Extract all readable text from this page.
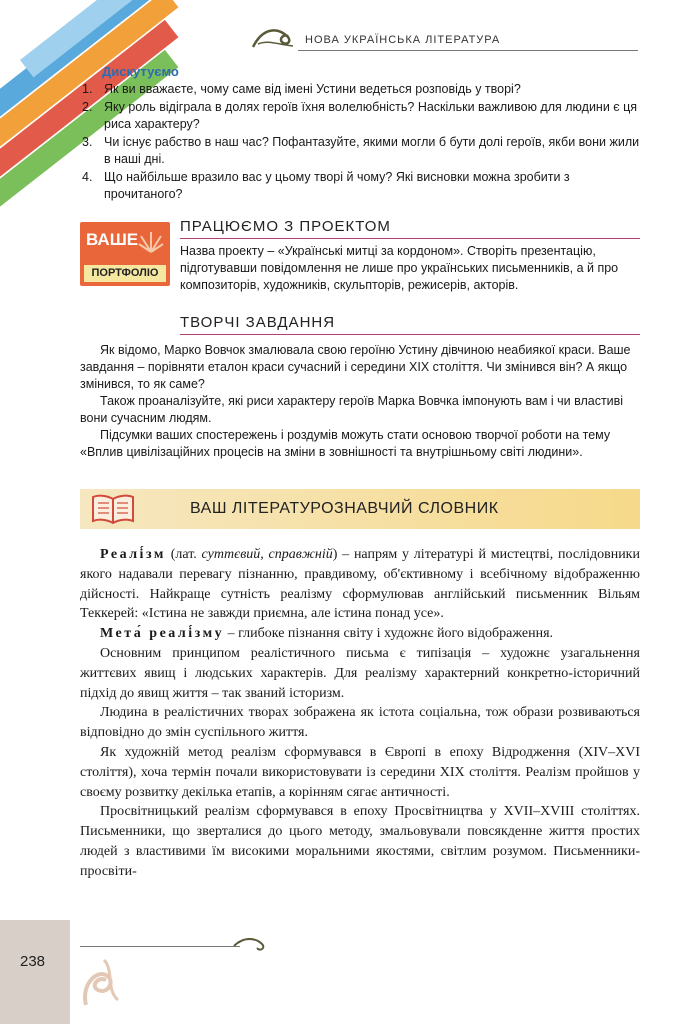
НОВА УКРАЇНСЬКА ЛІТЕРАТУРА
Дискутуємо
1. Як ви вважаєте, чому саме від імені Устини ведеться розповідь у творі?
2. Яку роль відіграла в долях героїв їхня волелюбність? Наскільки важливою для людини є ця риса характеру?
3. Чи існує рабство в наш час? Пофантазуйте, якими могли б бути долі героїв, якби вони жили в наші дні.
4. Що найбільше вразило вас у цьому творі й чому? Які висновки можна зробити з прочитаного?
ВАШЕ
ПОРТФОЛІО
ПРАЦЮЄМО З ПРОЕКТОМ
Назва проекту – «Українські митці за кордоном». Створіть презентацію, підготувавши повідомлення не лише про українських письменників, а й про композиторів, художників, скульпторів, режисерів, акторів.
ТВОРЧІ ЗАВДАННЯ

Як відомо, Марко Вовчок змалювала свою героїню Устину дівчиною неабиякої краси. Ваше завдання – порівняти еталон краси сучасний і середини XIX століття. Чи змінився він? А якщо змінився, то як саме?

Також проаналізуйте, які риси характеру героїв Марка Вовчка імпонують вам і чи властиві вони сучасним людям.

Підсумки ваших спостережень і роздумів можуть стати основою творчої роботи на тему «Вплив цивілізаційних процесів на зміни в зовнішності та внутрішньому світі людини».

ВАШ ЛІТЕРАТУРОЗНАВЧИЙ СЛОВНИК

Реалі́зм (лат. суттєвий, справжній) – напрям у літературі й мистецтві, послідовники якого надавали перевагу пізнанню, правдивому, об'єктивному і всебічному відображенню дійсності. Найкраще сутність реалізму сформулював англійський письменник Вільям Теккерей: «Істина не завжди приємна, але істина понад усе».

Мета́ реалі́зму – глибоке пізнання світу і художнє його відображення.

Основним принципом реалістичного письма є типізація – художнє узагальнення життєвих явищ і людських характерів. Для реалізму характерний конкретно-історичний підхід до явищ життя – так званий історизм.

Людина в реалістичних творах зображена як істота соціальна, тож образи розвиваються відповідно до змін суспільного життя.

Як художній метод реалізм сформувався в Європі в епоху Відродження (XIV–XVI століття), хоча термін почали використовувати із середини XIX століття. Реалізм пройшов у своєму розвитку декілька етапів, а корінням сягає античності.

Просвітницький реалізм сформувався в епоху Просвітництва у XVII–XVIII століттях. Письменники, що зверталися до цього методу, змальовували повсякденне життя простих людей з властивими їм високими моральними якостями, світлим розумом. Письменники-просвіти-

238
